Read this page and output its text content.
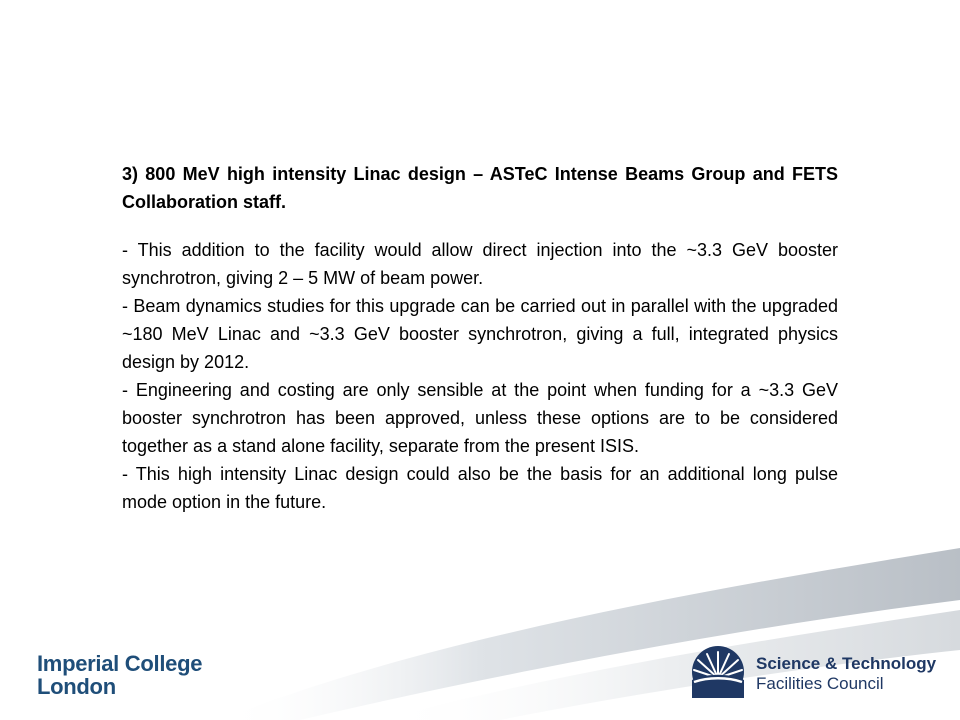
3) 800 MeV high intensity Linac design – ASTeC Intense Beams Group and FETS Collaboration staff.

- This addition to the facility would allow direct injection into the ~3.3 GeV booster synchrotron, giving 2 – 5 MW of beam power.

- Beam dynamics studies for this upgrade can be carried out in parallel with the upgraded ~180 MeV Linac and ~3.3 GeV booster synchrotron, giving a full, integrated physics design by 2012.

- Engineering and costing are only sensible at the point when funding for a ~3.3 GeV booster synchrotron has been approved, unless these options are to be considered together as a stand alone facility, separate from the present ISIS.

- This high intensity Linac design could also be the basis for an additional long pulse mode option in the future.

Imperial College
London
Science & Technology
Facilities Council
